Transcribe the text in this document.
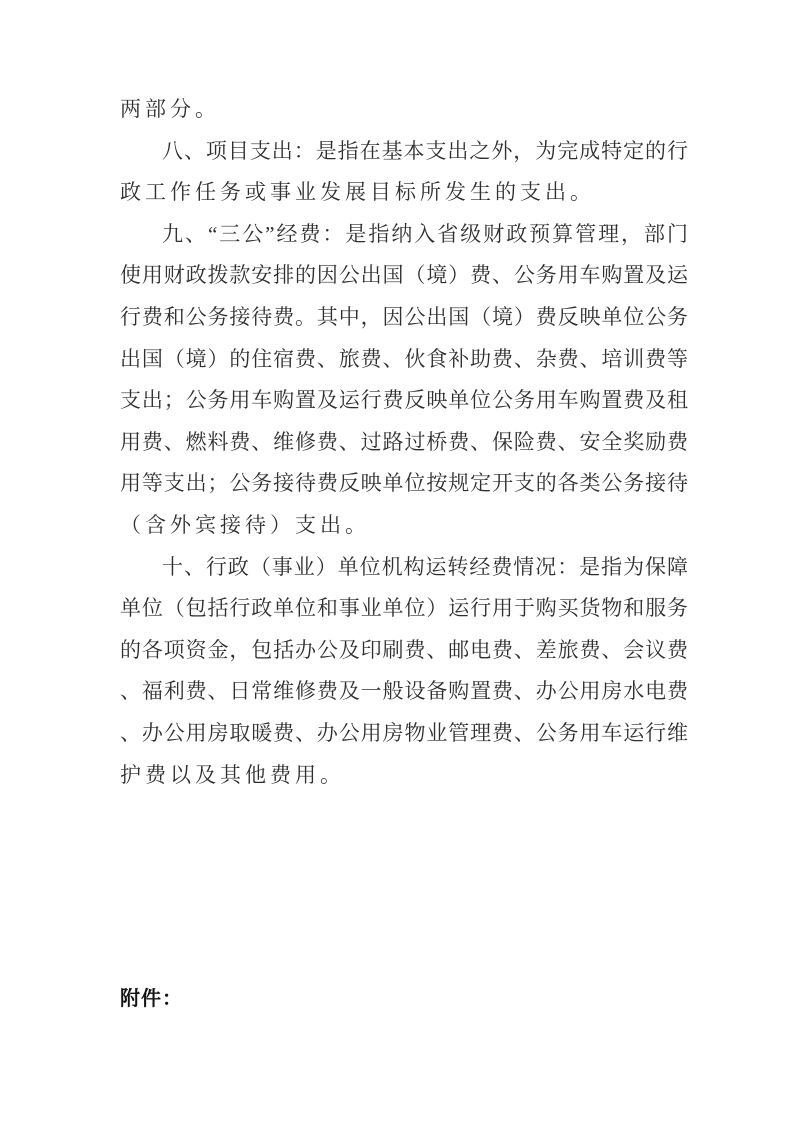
两部分。
八、项目支出：是指在基本支出之外，为完成特定的行
政工作任务或事业发展目标所发生的支出。
九、“三公”经费：是指纳入省级财政预算管理，部门
使用财政拨款安排的因公出国（境）费、公务用车购置及运
行费和公务接待费。其中，因公出国（境）费反映单位公务
出国（境）的住宿费、旅费、伙食补助费、杂费、培训费等
支出；公务用车购置及运行费反映单位公务用车购置费及租
用费、燃料费、维修费、过路过桥费、保险费、安全奖励费
用等支出；公务接待费反映单位按规定开支的各类公务接待
（含外宾接待）支出。
十、行政（事业）单位机构运转经费情况：是指为保障
单位（包括行政单位和事业单位）运行用于购买货物和服务
的各项资金，包括办公及印刷费、邮电费、差旅费、会议费
、福利费、日常维修费及一般设备购置费、办公用房水电费
、办公用房取暖费、办公用房物业管理费、公务用车运行维
护费以及其他费用。
附件：
